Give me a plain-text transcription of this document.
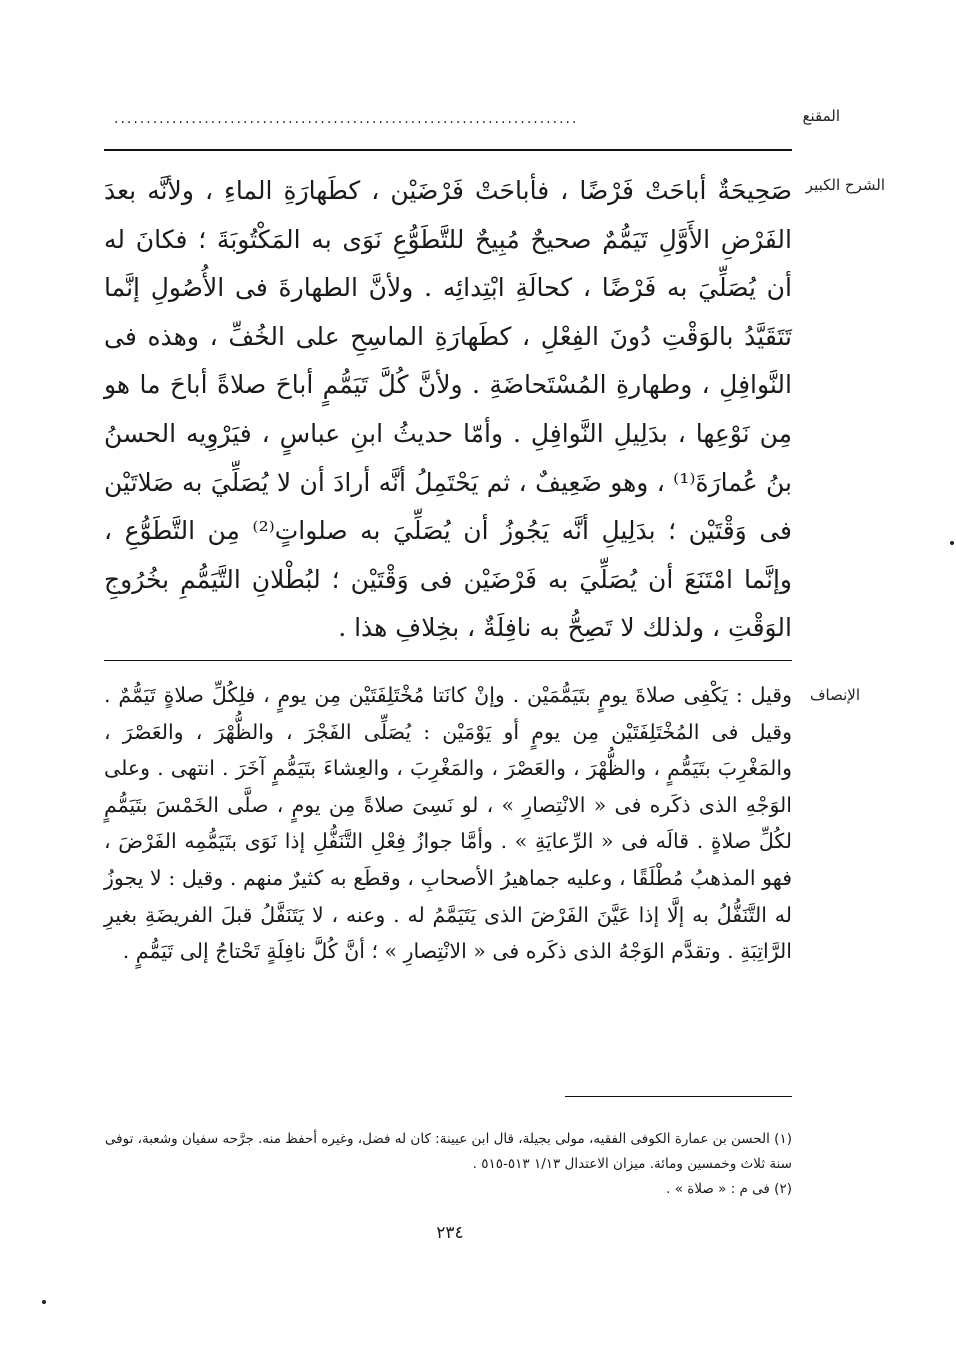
المقنع
........................................................................
الشرح الكبير

صَحِيحَةٌ أباحَتْ فَرْضًا ، فأباحَتْ فَرْضَيْن ، كطَهارَةِ الماءِ ، ولأنَّه بعدَ الفَرْضِ الأَوَّلِ تَيَمُّمٌ صحيحٌ مُبِيحٌ للتَّطَوُّعِ نَوَى به المَكْتُوبَةَ ؛ فكانَ له أن يُصَلِّيَ به فَرْضًا ، كحالَةِ ابْتِدائِه . ولأنَّ الطهارةَ فى الأُصُولِ إنَّما تَتَقَيَّدُ بالوَقْتِ دُونَ الفِعْلِ ، كطَهارَةِ الماسِحِ على الخُفِّ ، وهذه فى النَّوافِلِ ، وطهارةِ المُسْتَحاضَةِ . ولأنَّ كُلَّ تَيَمُّمٍ أباحَ صلاةً أباحَ ما هو مِن نَوْعِها ، بدَلِيلِ النَّوافِلِ . وأمّا حديثُ ابنِ عباسٍ ، فيَرْوِيه الحسنُ بنُ عُمارَةَ⁽¹⁾ ، وهو ضَعِيفٌ ، ثم يَحْتَمِلُ أنَّه أرادَ أن لا يُصَلِّيَ به صَلاتَيْن فى وَقْتَيْن ؛ بدَلِيلِ أنَّه يَجُوزُ أن يُصَلِّيَ به صلواتٍ⁽²⁾ مِن التَّطَوُّعِ ، وإنَّما امْتَنَعَ أن يُصَلِّيَ به فَرْضَيْن فى وَقْتَيْن ؛ لبُطْلانِ التَّيَمُّمِ بخُرُوجِ الوَقْتِ ، ولذلك لا تَصِحُّ به نافِلَةٌ ، بخِلافِ هذا .

الإنصاف

وقيل : يَكْفِى صلاةَ يومٍ بتَيَمُّمَيْن . وإنْ كانَتا مُخْتَلِفَتَيْن مِن يومٍ ، فلِكُلِّ صلاةٍ تَيَمُّمٌ . وقيل فى المُخْتَلِفَتَيْن مِن يومٍ أو يَوْمَيْن : يُصَلِّى الفَجْرَ ، والظُّهْرَ ، والعَصْرَ ، والمَغْرِبَ بتَيَمُّمٍ ، والظُّهْرَ ، والعَصْرَ ، والمَغْرِبَ ، والعِشاءَ بتَيَمُّمٍ آخَرَ . انتهى . وعلى الوَجْهِ الذى ذكَره فى « الانْتِصارِ » ، لو نَسِىَ صلاةً مِن يومٍ ، صلَّى الخَمْسَ بتَيَمُّمٍ لكُلِّ صلاةٍ . قالَه فى « الرِّعايَةِ » . وأمَّا جوازُ فِعْلِ التَّنَفُّلِ إذا نَوَى بتَيَمُّمِه الفَرْضَ ، فهو المذهبُ مُطْلَقًا ، وعليه جماهيرُ الأصحابِ ، وقطَع به كثيرٌ منهم . وقيل : لا يجوزُ له التَّنَفُّلُ به إلَّا إذا عَيَّنَ الفَرْضَ الذى يَتَيَمَّمُ له . وعنه ، لا يَتَنَفَّلُ قبلَ الفريضَةِ بغيرِ الرَّاتِبَةِ . وتقدَّم الوَجْهُ الذى ذكَره فى « الانْتِصارِ » ؛ أنَّ كُلَّ نافِلَةٍ تَحْتاجُ إلى تَيَمُّمٍ .

(١) الحسن بن عمارة الكوفى الفقيه، مولى بجيلة، قال ابن عيينة: كان له فضل، وغيره أحفظ منه. جرَّحه سفيان وشعبة، توفى سنة ثلاث وخمسين ومائة. ميزان الاعتدال ١/١٣ ٥١٣-٥١٥ .

(٢) فى م : « صلاة » .

٢٣٤
